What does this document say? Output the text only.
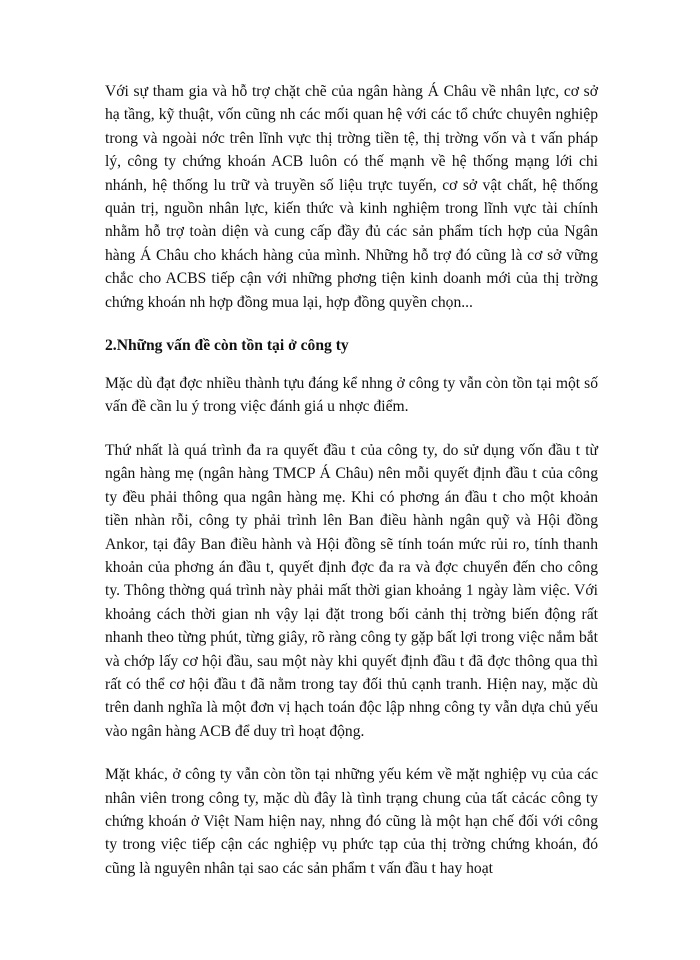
Với sự tham gia và hỗ trợ chặt chẽ của ngân hàng Á Châu về nhân lực, cơ sở hạ tầng, kỹ thuật, vốn cũng nh các mối quan hệ với các tổ chức chuyên nghiệp trong và ngoài nớc trên lĩnh vực thị trờng tiền tệ, thị trờng vốn và t vấn pháp lý, công ty chứng khoán ACB luôn có thế mạnh về hệ thống mạng lới chi nhánh, hệ thống lu trữ và truyền số liệu trực tuyến, cơ sở vật chất, hệ thống quản trị, nguồn nhân lực, kiến thức và kinh nghiệm trong lĩnh vực tài chính nhằm hỗ trợ toàn diện và cung cấp đầy đủ các sản phẩm tích hợp của Ngân hàng Á Châu cho khách hàng của mình. Những hỗ trợ đó cũng là cơ sở vững chắc cho ACBS tiếp cận với những phơng tiện kinh doanh mới của thị trờng chứng khoán nh hợp đồng mua lại, hợp đồng quyền chọn...

2.Những vấn đề còn tồn tại ở công ty

Mặc dù đạt đợc nhiều thành tựu đáng kể nhng ở công ty vẫn còn tồn tại một số vấn đề cần lu ý trong việc đánh giá u nhợc điểm.

Thứ nhất là quá trình đa ra quyết đầu t của công ty, do sử dụng vốn đầu t từ ngân hàng mẹ (ngân hàng TMCP Á Châu) nên mỗi quyết định đầu t của công ty đều phải thông qua ngân hàng mẹ. Khi có phơng án đầu t cho một khoản tiền nhàn rỗi, công ty phải trình lên Ban điều hành ngân quỹ và Hội đồng Ankor, tại đây Ban điều hành và Hội đồng sẽ tính toán mức rủi ro, tính thanh khoản của phơng án đầu t, quyết định đợc đa ra và đợc chuyển đến cho công ty. Thông thờng quá trình này phải mất thời gian khoảng 1 ngày làm việc. Với khoảng cách thời gian nh vậy lại đặt trong bối cảnh thị trờng biến động rất nhanh theo từng phút, từng giây, rõ ràng công ty gặp bất lợi trong việc nắm bắt và chớp lấy cơ hội đầu, sau một này khi quyết định đầu t đã đợc thông qua thì rất có thể cơ hội đầu t đã nằm trong tay đối thủ cạnh tranh. Hiện nay, mặc dù trên danh nghĩa là một đơn vị hạch toán độc lập nhng công ty vẫn dựa chủ yếu vào ngân hàng ACB để duy trì hoạt động.

Mặt khác, ở công ty vẫn còn tồn tại những yếu kém về mặt nghiệp vụ của các nhân viên trong công ty, mặc dù đây là tình trạng chung của tất cảcác công ty chứng khoán ở Việt Nam hiện nay, nhng đó cũng là một hạn chế đối với công ty trong việc tiếp cận các nghiệp vụ phức tạp của thị trờng chứng khoán, đó cũng là nguyên nhân tại sao các sản phẩm t vấn đầu t hay hoạt
